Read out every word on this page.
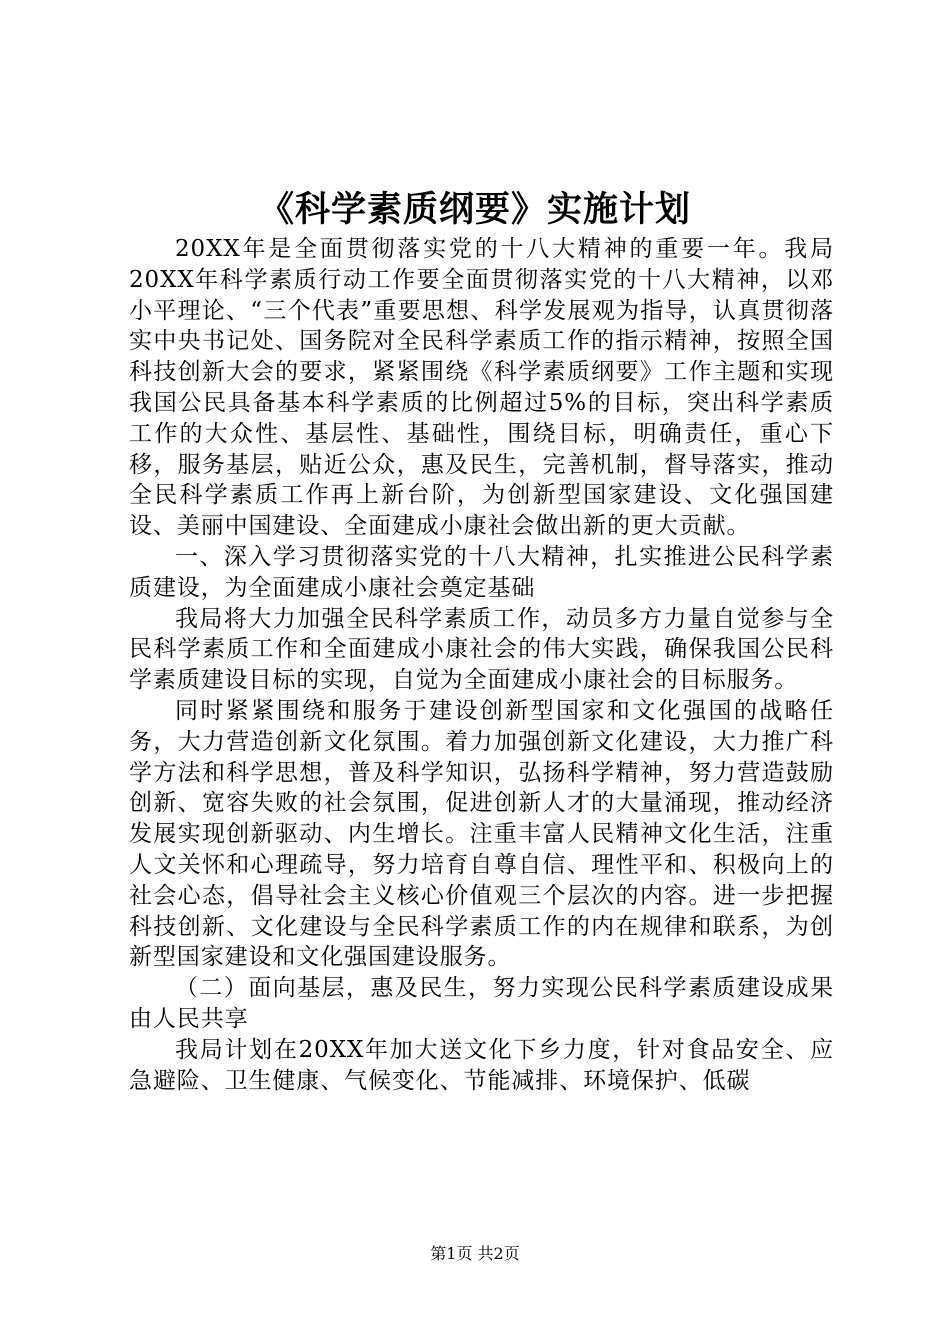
《科学素质纲要》实施计划

20XX年是全面贯彻落实党的十八大精神的重要一年。我局20XX年科学素质行动工作要全面贯彻落实党的十八大精神，以邓小平理论、“三个代表”重要思想、科学发展观为指导，认真贯彻落实中央书记处、国务院对全民科学素质工作的指示精神，按照全国科技创新大会的要求，紧紧围绕《科学素质纲要》工作主题和实现我国公民具备基本科学素质的比例超过5%的目标，突出科学素质工作的大众性、基层性、基础性，围绕目标，明确责任，重心下移，服务基层，贴近公众，惠及民生，完善机制，督导落实，推动全民科学素质工作再上新台阶，为创新型国家建设、文化强国建设、美丽中国建设、全面建成小康社会做出新的更大贡献。

一、深入学习贯彻落实党的十八大精神，扎实推进公民科学素质建设，为全面建成小康社会奠定基础

我局将大力加强全民科学素质工作，动员多方力量自觉参与全民科学素质工作和全面建成小康社会的伟大实践，确保我国公民科学素质建设目标的实现，自觉为全面建成小康社会的目标服务。

同时紧紧围绕和服务于建设创新型国家和文化强国的战略任务，大力营造创新文化氛围。着力加强创新文化建设，大力推广科学方法和科学思想，普及科学知识，弘扬科学精神，努力营造鼓励创新、宽容失败的社会氛围，促进创新人才的大量涌现，推动经济发展实现创新驱动、内生增长。注重丰富人民精神文化生活，注重人文关怀和心理疏导，努力培育自尊自信、理性平和、积极向上的社会心态，倡导社会主义核心价值观三个层次的内容。进一步把握科技创新、文化建设与全民科学素质工作的内在规律和联系，为创新型国家建设和文化强国建设服务。

（二）面向基层，惠及民生，努力实现公民科学素质建设成果由人民共享

我局计划在20XX年加大送文化下乡力度，针对食品安全、应急避险、卫生健康、气候变化、节能减排、环境保护、低碳

第1页 共2页
